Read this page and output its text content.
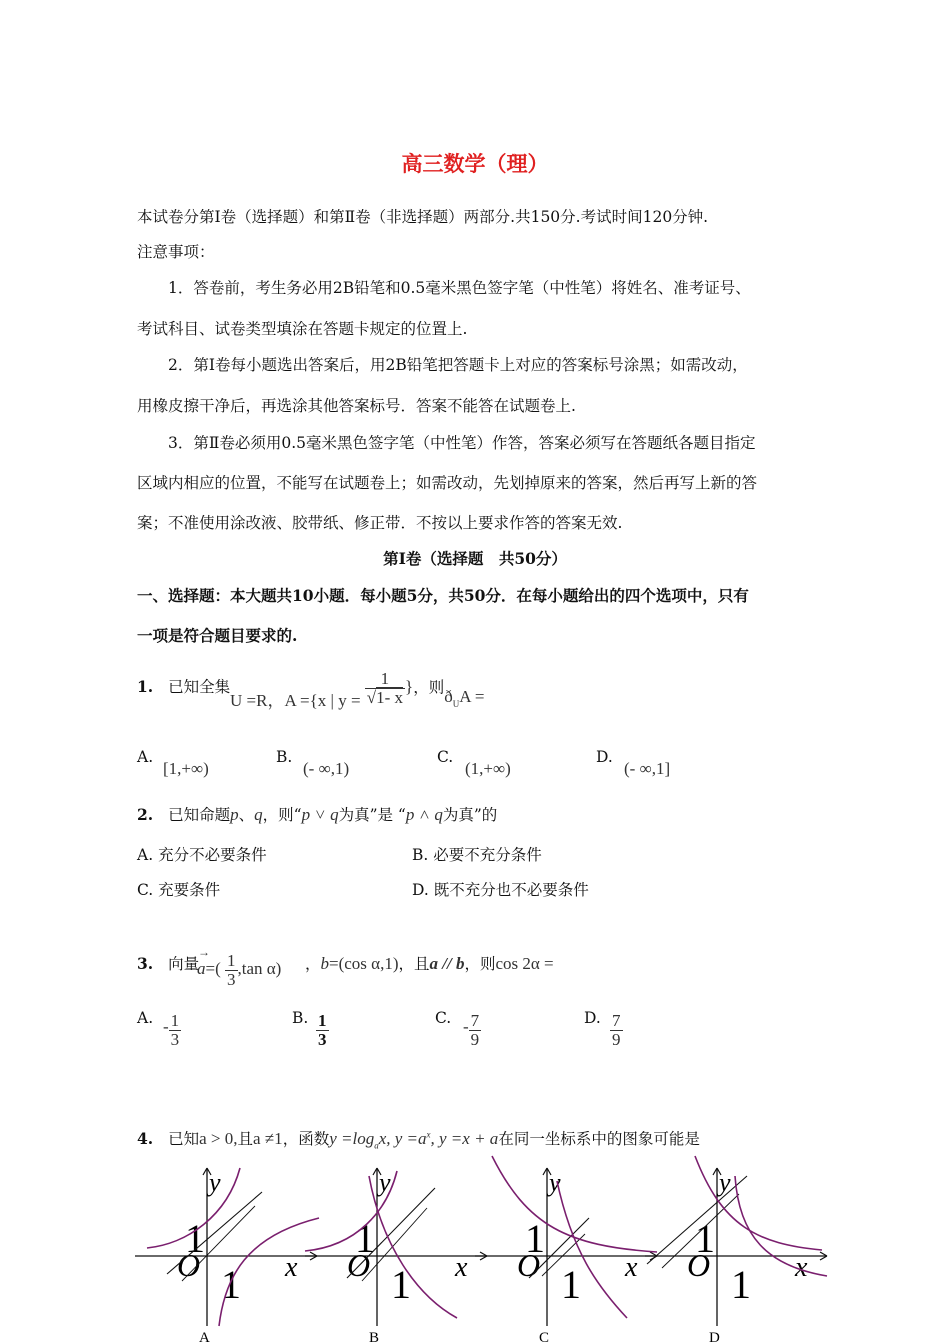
高三数学（理）
本试卷分第Ⅰ卷（选择题）和第Ⅱ卷（非选择题）两部分.共150分.考试时间120分钟.
注意事项：
1．答卷前，考生务必用2B铅笔和0.5毫米黑色签字笔（中性笔）将姓名、准考证号、
考试科目、试卷类型填涂在答题卡规定的位置上.
2．第Ⅰ卷每小题选出答案后，用2B铅笔把答题卡上对应的答案标号涂黑；如需改动，
用橡皮擦干净后，再选涂其他答案标号．答案不能答在试题卷上.
3．第Ⅱ卷必须用0.5毫米黑色签字笔（中性笔）作答，答案必须写在答题纸各题目指定
区域内相应的位置，不能写在试题卷上；如需改动，先划掉原来的答案，然后再写上新的答
案；不准使用涂改液、胶带纸、修正带．不按以上要求作答的答案无效.
第Ⅰ卷（选择题　共50分）
一、选择题：本大题共10小题．每小题5分，共50分．在每小题给出的四个选项中，只有
一项是符合题目要求的.
1. 已知全集
U =R，A ={x | $y = \frac{1}{√1- x}$ }，则$ð_UA$ =
A.
[1,+∞)
B.
(- ∞,1)
C.
(1,+∞)
D.
(- ∞,1]
2. 已知命题p、q，则“p ˅ q为真”是 “p ˄ q为真”的
A. 充分不必要条件	B. 必要不充分条件
C. 充要条件	D. 既不充分也不必要条件
3. 向量
→
$a=( \frac{1}{3} ,\tan$ α) ，b=(cos α,1)，且a // b，则cos 2α =
A. - $\frac{1}{3}$	B. $\frac{1}{3}$	C. - $\frac{7}{9}$	D. $\frac{7}{9}$
4. 已知a > 0,且a ≠1，函数$y =\log_ax$, $y =a^x$, y =x + a在同一坐标系中的图象可能是
y
x
O
1
1
A
y
x
O
1
1
B
y
x
O
1
1
C
y
x
O
1
1
D
